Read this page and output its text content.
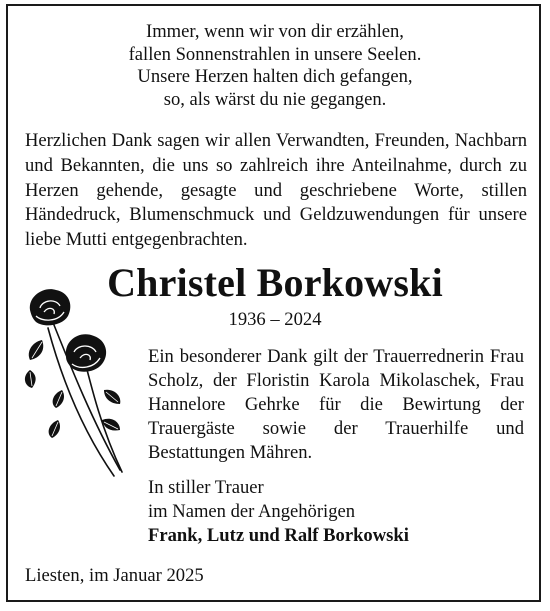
Immer, wenn wir von dir erzählen,
fallen Sonnenstrahlen in unsere Seelen.
Unsere Herzen halten dich gefangen,
so, als wärst du nie gegangen.
Herzlichen Dank sagen wir allen Verwandten, Freunden, Nachbarn und Bekannten, die uns so zahlreich ihre Anteilnahme, durch zu Herzen gehende, gesagte und geschriebene Worte, stillen Händedruck, Blumenschmuck und Geldzuwendungen für unsere liebe Mutti entgegenbrachten.
Christel Borkowski
1936 – 2024
Ein besonderer Dank gilt der Trauerrednerin Frau Scholz, der Floristin Karola Mikolaschek, Frau Hannelore Gehrke für die Bewirtung der Trauergäste sowie der Trauerhilfe und Bestattungen Mähren.
In stiller Trauer
im Namen der Angehörigen
Frank, Lutz und Ralf Borkowski
Liesten, im Januar 2025
